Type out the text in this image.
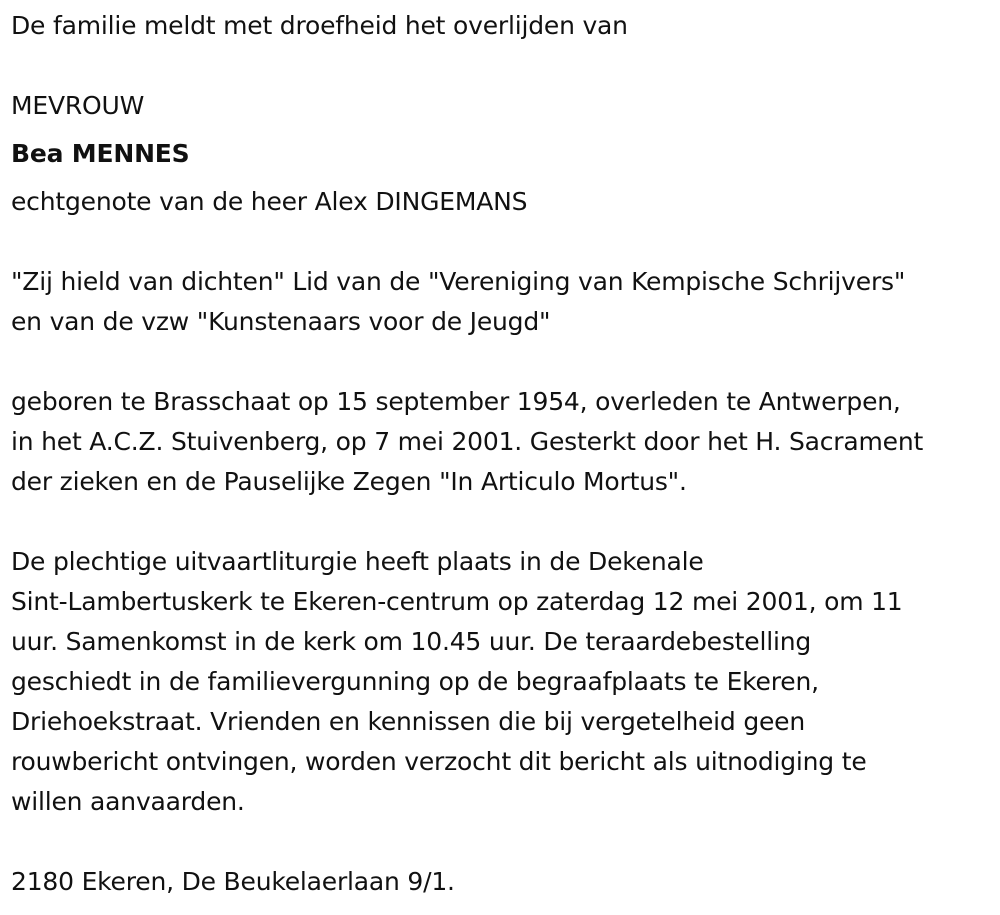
De familie meldt met droefheid het overlijden van
MEVROUW
Bea MENNES
echtgenote van de heer Alex DINGEMANS
"Zij hield van dichten" Lid van de "Vereniging van Kempische Schrijvers"
en van de vzw "Kunstenaars voor de Jeugd"
geboren te Brasschaat op 15 september 1954, overleden te Antwerpen,
in het A.C.Z. Stuivenberg, op 7 mei 2001. Gesterkt door het H. Sacrament
der zieken en de Pauselijke Zegen "In Articulo Mortus".
De plechtige uitvaartliturgie heeft plaats in de Dekenale
Sint-Lambertuskerk te Ekeren-centrum op zaterdag 12 mei 2001, om 11
uur. Samenkomst in de kerk om 10.45 uur. De teraardebestelling
geschiedt in de familievergunning op de begraafplaats te Ekeren,
Driehoekstraat. Vrienden en kennissen die bij vergetelheid geen
rouwbericht ontvingen, worden verzocht dit bericht als uitnodiging te
willen aanvaarden.
2180 Ekeren, De Beukelaerlaan 9/1.
